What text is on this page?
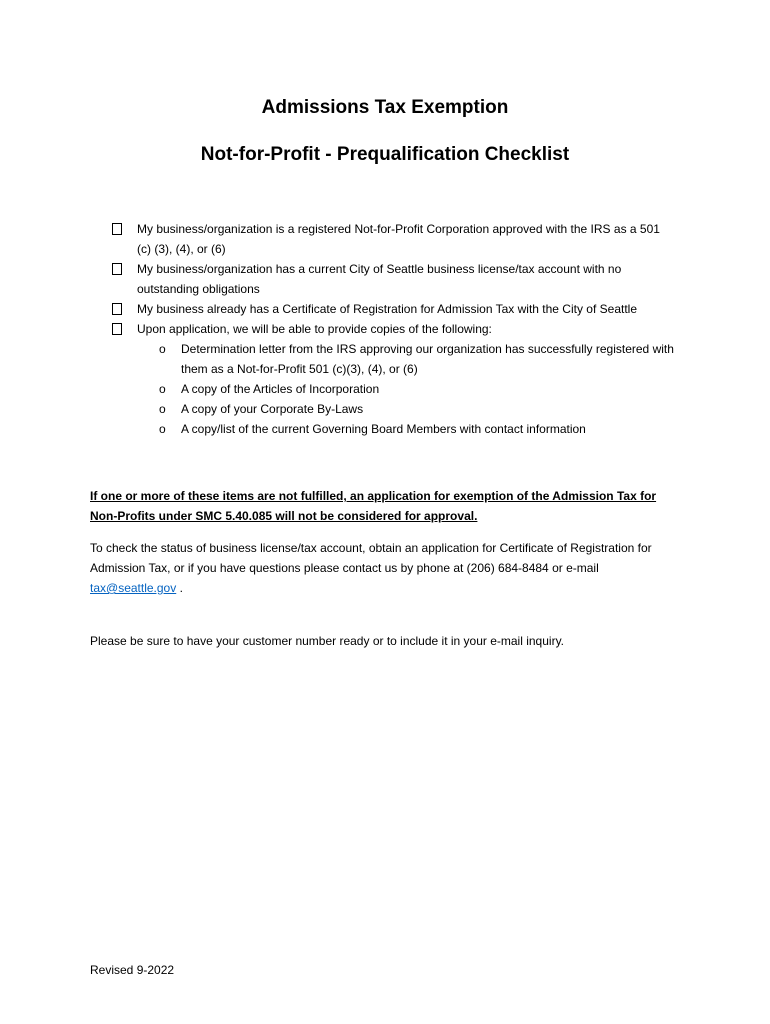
Admissions Tax Exemption
Not-for-Profit - Prequalification Checklist
My business/organization is a registered Not-for-Profit Corporation approved with the IRS as a 501 (c) (3), (4), or (6)
My business/organization has a current City of Seattle business license/tax account with no outstanding obligations
My business already has a Certificate of Registration for Admission Tax with the City of Seattle
Upon application, we will be able to provide copies of the following:
o Determination letter from the IRS approving our organization has successfully registered with them as a Not-for-Profit 501 (c)(3), (4), or (6)
o A copy of the Articles of Incorporation
o A copy of your Corporate By-Laws
o A copy/list of the current Governing Board Members with contact information

If one or more of these items are not fulfilled, an application for exemption of the Admission Tax for Non-Profits under SMC 5.40.085 will not be considered for approval.

To check the status of business license/tax account, obtain an application for Certificate of Registration for Admission Tax, or if you have questions please contact us by phone at (206) 684-8484 or e-mail tax@seattle.gov .

Please be sure to have your customer number ready or to include it in your e-mail inquiry.

Revised 9-2022
